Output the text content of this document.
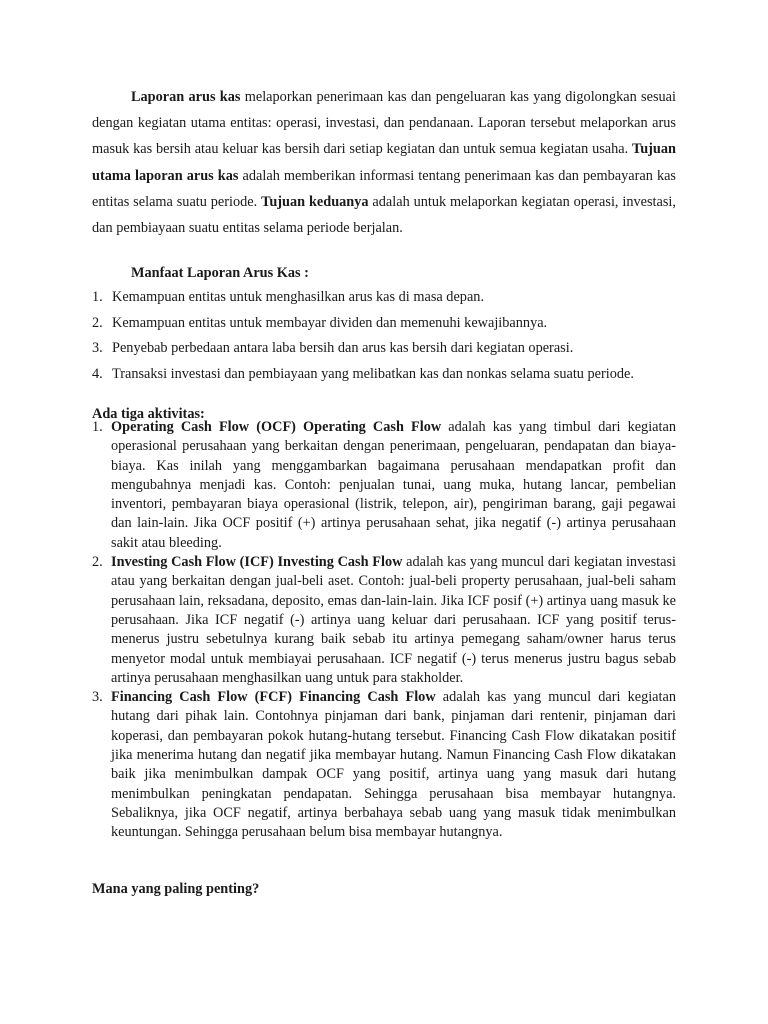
Laporan arus kas melaporkan penerimaan kas dan pengeluaran kas yang digolongkan sesuai dengan kegiatan utama entitas: operasi, investasi, dan pendanaan. Laporan tersebut melaporkan arus masuk kas bersih atau keluar kas bersih dari setiap kegiatan dan untuk semua kegiatan usaha. Tujuan utama laporan arus kas adalah memberikan informasi tentang penerimaan kas dan pembayaran kas entitas selama suatu periode. Tujuan keduanya adalah untuk melaporkan kegiatan operasi, investasi, dan pembiayaan suatu entitas selama periode berjalan.

Manfaat Laporan Arus Kas :

1. Kemampuan entitas untuk menghasilkan arus kas di masa depan.
2. Kemampuan entitas untuk membayar dividen dan memenuhi kewajibannya.
3. Penyebab perbedaan antara laba bersih dan arus kas bersih dari kegiatan operasi.
4. Transaksi investasi dan pembiayaan yang melibatkan kas dan nonkas selama suatu periode.

Ada tiga aktivitas:

1. Operating Cash Flow (OCF) Operating Cash Flow adalah kas yang timbul dari kegiatan operasional perusahaan yang berkaitan dengan penerimaan, pengeluaran, pendapatan dan biaya-biaya. Kas inilah yang menggambarkan bagaimana perusahaan mendapatkan profit dan mengubahnya menjadi kas. Contoh: penjualan tunai, uang muka, hutang lancar, pembelian inventori, pembayaran biaya operasional (listrik, telepon, air), pengiriman barang, gaji pegawai dan lain-lain. Jika OCF positif (+) artinya perusahaan sehat, jika negatif (-) artinya perusahaan sakit atau bleeding.
2. Investing Cash Flow (ICF) Investing Cash Flow adalah kas yang muncul dari kegiatan investasi atau yang berkaitan dengan jual-beli aset. Contoh: jual-beli property perusahaan, jual-beli saham perusahaan lain, reksadana, deposito, emas dan-lain-lain. Jika ICF posif (+) artinya uang masuk ke perusahaan. Jika ICF negatif (-) artinya uang keluar dari perusahaan. ICF yang positif terus-menerus justru sebetulnya kurang baik sebab itu artinya pemegang saham/owner harus terus menyetor modal untuk membiayai perusahaan. ICF negatif (-) terus menerus justru bagus sebab artinya perusahaan menghasilkan uang untuk para stakholder.
3. Financing Cash Flow (FCF) Financing Cash Flow adalah kas yang muncul dari kegiatan hutang dari pihak lain. Contohnya pinjaman dari bank, pinjaman dari rentenir, pinjaman dari koperasi, dan pembayaran pokok hutang-hutang tersebut. Financing Cash Flow dikatakan positif jika menerima hutang dan negatif jika membayar hutang. Namun Financing Cash Flow dikatakan baik jika menimbulkan dampak OCF yang positif, artinya uang yang masuk dari hutang menimbulkan peningkatan pendapatan. Sehingga perusahaan bisa membayar hutangnya. Sebaliknya, jika OCF negatif, artinya berbahaya sebab uang yang masuk tidak menimbulkan keuntungan. Sehingga perusahaan belum bisa membayar hutangnya.

Mana yang paling penting?
